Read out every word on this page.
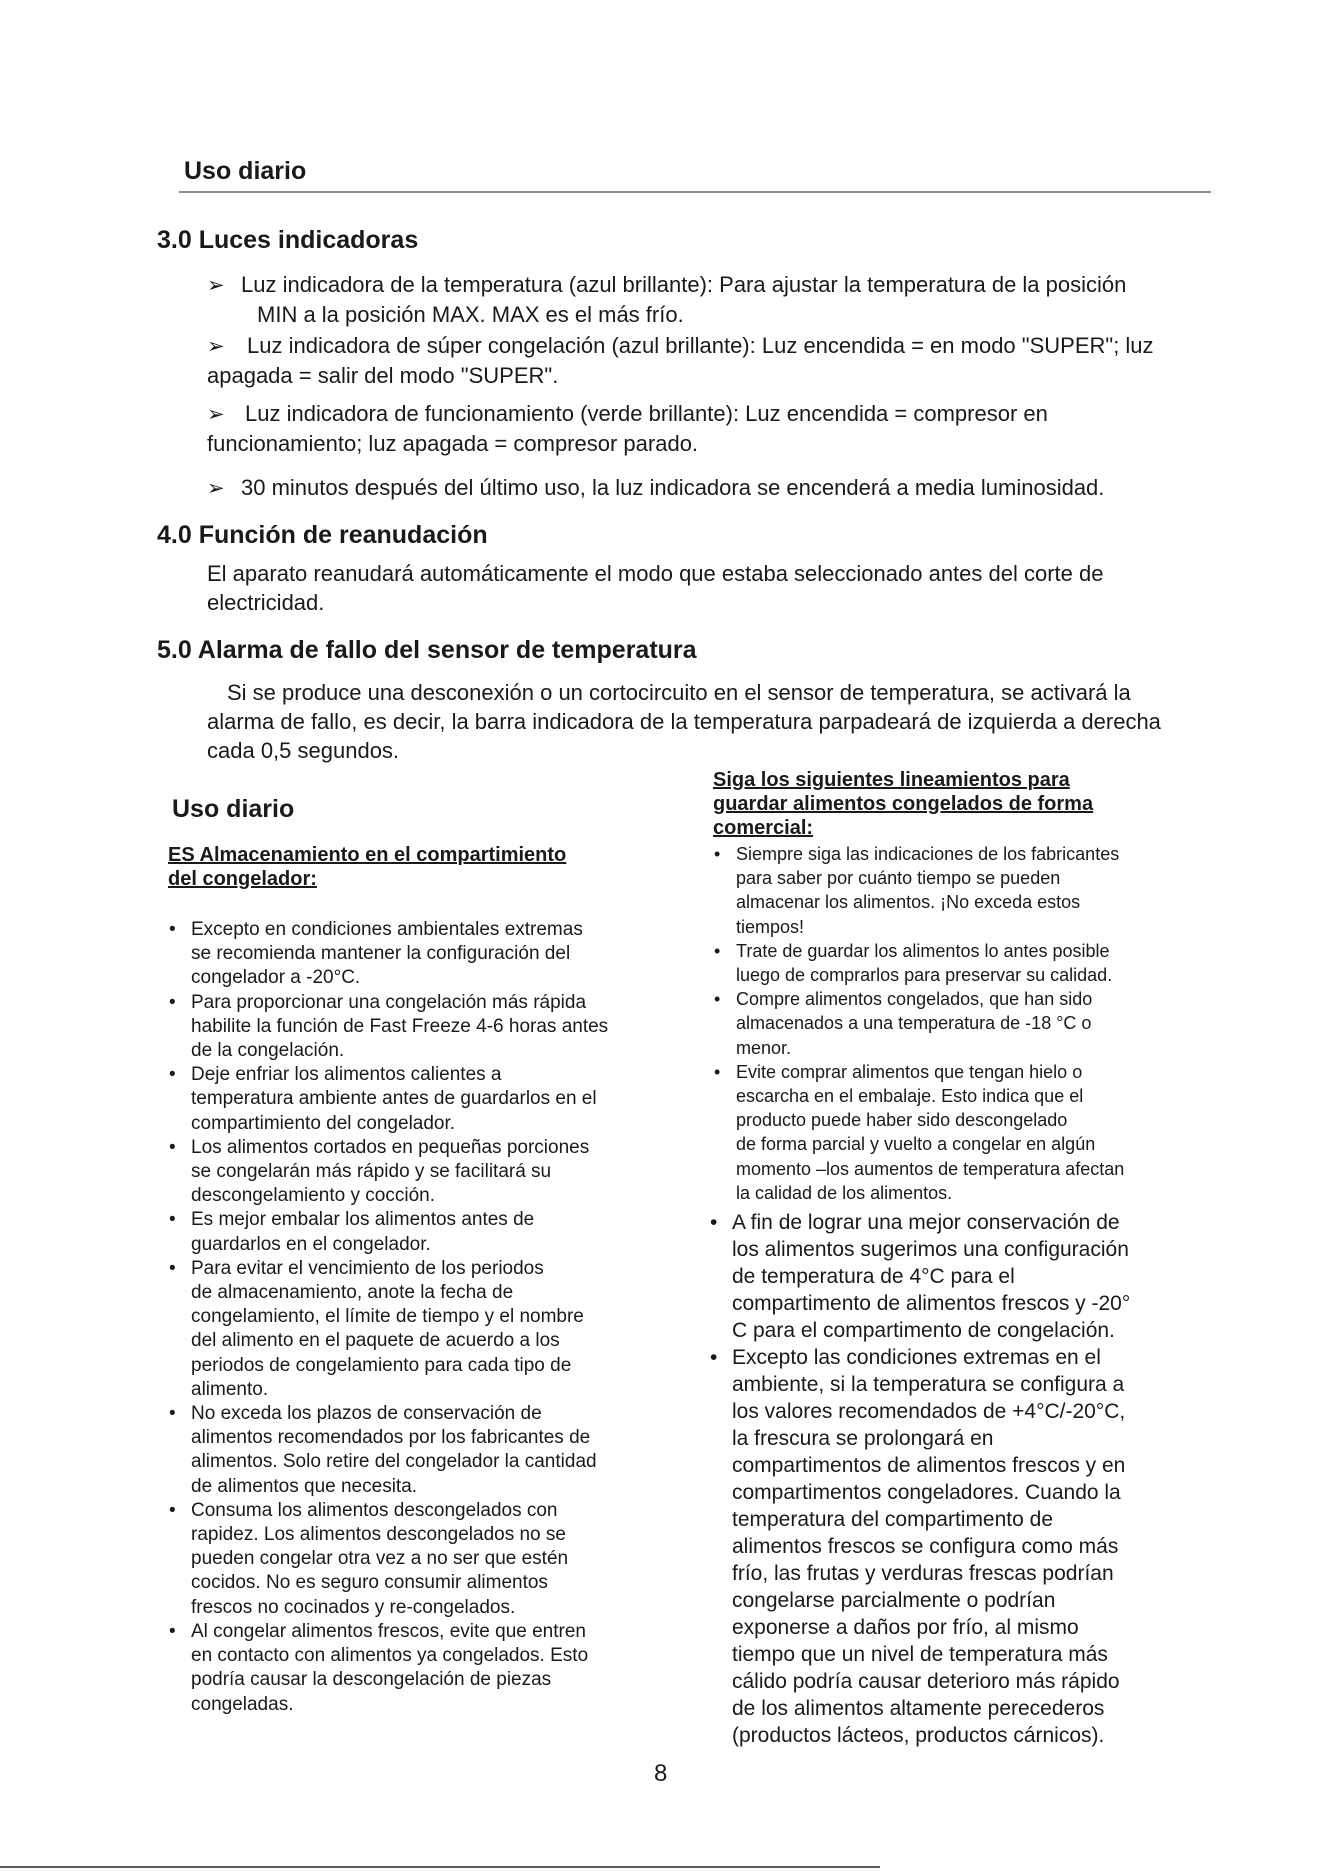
Uso diario
3.0 Luces indicadoras
➢ Luz indicadora de la temperatura (azul brillante): Para ajustar la temperatura de la posición
MIN a la posición MAX. MAX es el más frío.
➢ Luz indicadora de súper congelación (azul brillante): Luz encendida = en modo "SUPER"; luz
apagada = salir del modo "SUPER".
➢ Luz indicadora de funcionamiento (verde brillante): Luz encendida = compresor en
funcionamiento; luz apagada = compresor parado.
➢ 30 minutos después del último uso, la luz indicadora se encenderá a media luminosidad.
4.0 Función de reanudación
El aparato reanudará automáticamente el modo que estaba seleccionado antes del corte de
electricidad.
5.0 Alarma de fallo del sensor de temperatura
Si se produce una desconexión o un cortocircuito en el sensor de temperatura, se activará la
alarma de fallo, es decir, la barra indicadora de la temperatura parpadeará de izquierda a derecha
cada 0,5 segundos.
Uso diario
ES Almacenamiento en el compartimiento
del congelador:
• Excepto en condiciones ambientales extremas
se recomienda mantener la configuración del
congelador a -20°C.
• Para proporcionar una congelación más rápida
habilite la función de Fast Freeze 4-6 horas antes
de la congelación.
• Deje enfriar los alimentos calientes a
temperatura ambiente antes de guardarlos en el
compartimiento del congelador.
• Los alimentos cortados en pequeñas porciones
se congelarán más rápido y se facilitará su
descongelamiento y cocción.
• Es mejor embalar los alimentos antes de
guardarlos en el congelador.
• Para evitar el vencimiento de los periodos
de almacenamiento, anote la fecha de
congelamiento, el límite de tiempo y el nombre
del alimento en el paquete de acuerdo a los
periodos de congelamiento para cada tipo de
alimento.
• No exceda los plazos de conservación de
alimentos recomendados por los fabricantes de
alimentos. Solo retire del congelador la cantidad
de alimentos que necesita.
• Consuma los alimentos descongelados con
rapidez. Los alimentos descongelados no se
pueden congelar otra vez a no ser que estén
cocidos. No es seguro consumir alimentos
frescos no cocinados y re-congelados.
• Al congelar alimentos frescos, evite que entren
en contacto con alimentos ya congelados. Esto
podría causar la descongelación de piezas
congeladas.
Siga los siguientes lineamientos para
guardar alimentos congelados de forma
comercial:
• Siempre siga las indicaciones de los fabricantes
para saber por cuánto tiempo se pueden
almacenar los alimentos. ¡No exceda estos
tiempos!
• Trate de guardar los alimentos lo antes posible
luego de comprarlos para preservar su calidad.
• Compre alimentos congelados, que han sido
almacenados a una temperatura de -18 °C o
menor.
• Evite comprar alimentos que tengan hielo o
escarcha en el embalaje. Esto indica que el
producto puede haber sido descongelado
de forma parcial y vuelto a congelar en algún
momento –los aumentos de temperatura afectan
la calidad de los alimentos.
• A fin de lograr una mejor conservación de
los alimentos sugerimos una configuración
de temperatura de 4°C para el
compartimento de alimentos frescos y -20°
C para el compartimento de congelación.
• Excepto las condiciones extremas en el
ambiente, si la temperatura se configura a
los valores recomendados de +4°C/-20°C,
la frescura se prolongará en
compartimentos de alimentos frescos y en
compartimentos congeladores. Cuando la
temperatura del compartimento de
alimentos frescos se configura como más
frío, las frutas y verduras frescas podrían
congelarse parcialmente o podrían
exponerse a daños por frío, al mismo
tiempo que un nivel de temperatura más
cálido podría causar deterioro más rápido
de los alimentos altamente perecederos
(productos lácteos, productos cárnicos).
8
